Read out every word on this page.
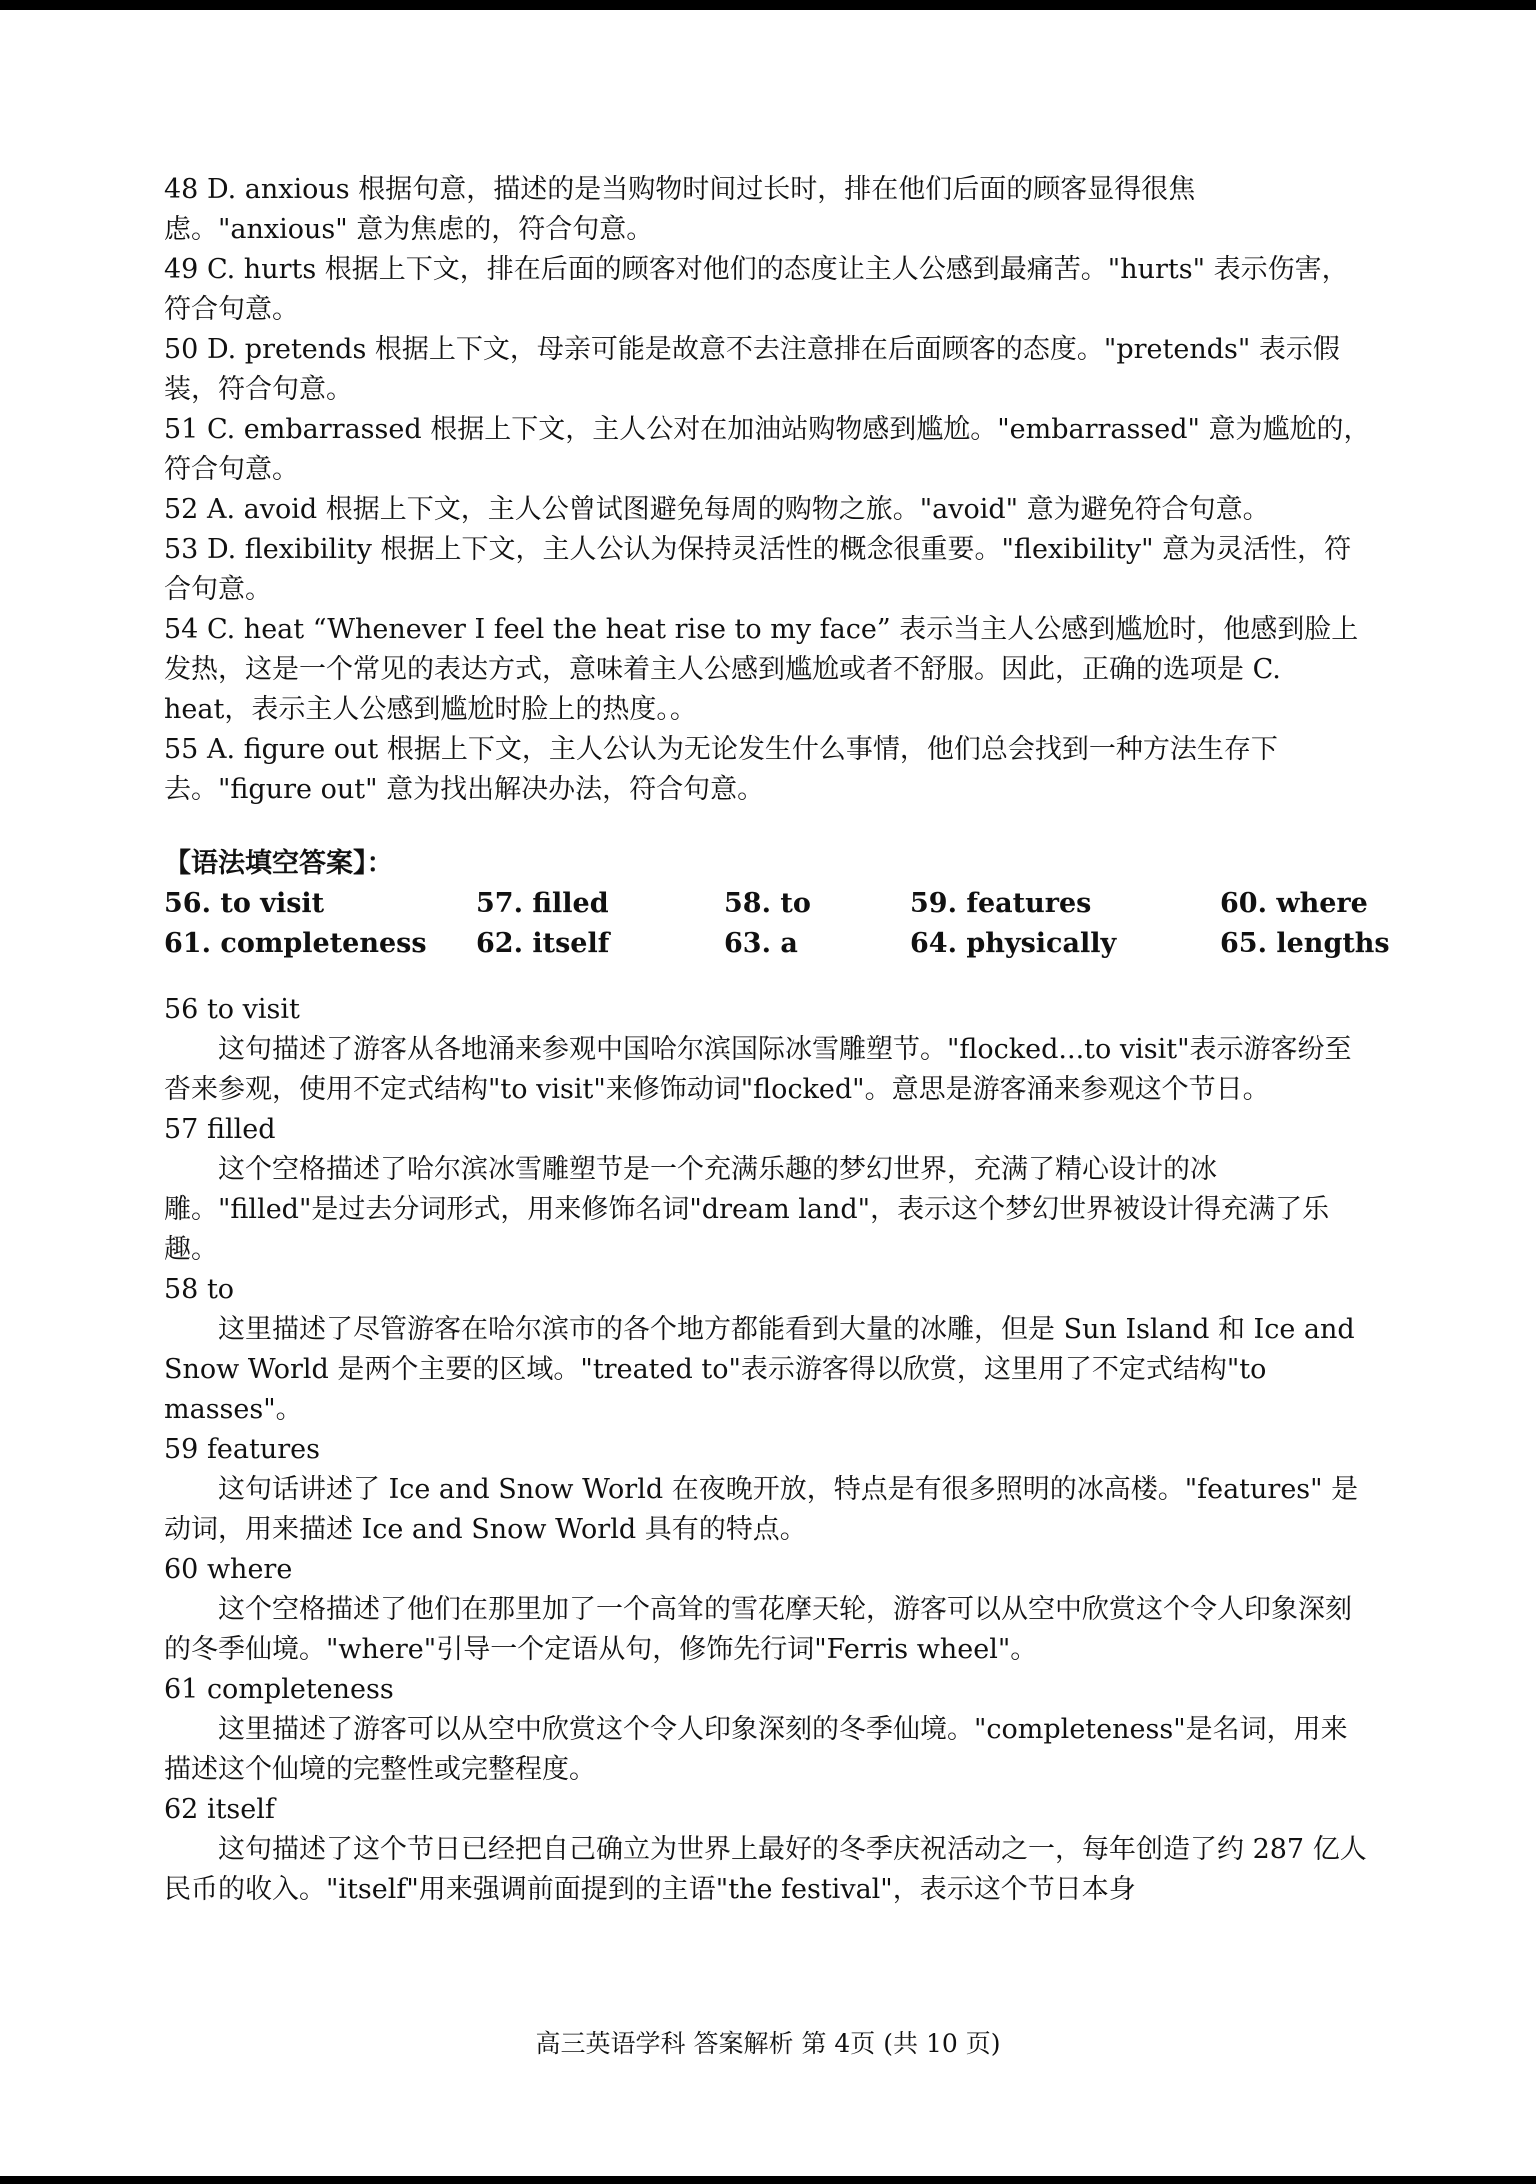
48 D. anxious 根据句意，描述的是当购物时间过长时，排在他们后面的顾客显得很焦虑。"anxious" 意为焦虑的，符合句意。

49 C. hurts 根据上下文，排在后面的顾客对他们的态度让主人公感到最痛苦。"hurts" 表示伤害，符合句意。

50 D. pretends 根据上下文，母亲可能是故意不去注意排在后面顾客的态度。"pretends" 表示假装，符合句意。

51 C. embarrassed 根据上下文，主人公对在加油站购物感到尴尬。"embarrassed" 意为尴尬的，符合句意。

52 A. avoid 根据上下文，主人公曾试图避免每周的购物之旅。"avoid" 意为避免符合句意。

53 D. flexibility 根据上下文，主人公认为保持灵活性的概念很重要。"flexibility" 意为灵活性，符合句意。

54 C. heat “Whenever I feel the heat rise to my face” 表示当主人公感到尴尬时，他感到脸上发热，这是一个常见的表达方式，意味着主人公感到尴尬或者不舒服。因此，正确的选项是 C. heat，表示主人公感到尴尬时脸上的热度。。

55 A. figure out 根据上下文，主人公认为无论发生什么事情，他们总会找到一种方法生存下去。"figure out" 意为找出解决办法，符合句意。

【语法填空答案】：

56. to visit	57. filled	58. to	59. features	60. where
61. completeness	62. itself	63. a	64. physically	65. lengths

56 to visit

这句描述了游客从各地涌来参观中国哈尔滨国际冰雪雕塑节。"flocked...to visit"表示游客纷至沓来参观，使用不定式结构"to visit"来修饰动词"flocked"。意思是游客涌来参观这个节日。

57 filled

这个空格描述了哈尔滨冰雪雕塑节是一个充满乐趣的梦幻世界，充满了精心设计的冰雕。"filled"是过去分词形式，用来修饰名词"dream land"，表示这个梦幻世界被设计得充满了乐趣。

58 to

这里描述了尽管游客在哈尔滨市的各个地方都能看到大量的冰雕，但是 Sun Island 和 Ice and Snow World 是两个主要的区域。"treated to"表示游客得以欣赏，这里用了不定式结构"to masses"。

59 features

这句话讲述了 Ice and Snow World 在夜晚开放，特点是有很多照明的冰高楼。"features" 是动词，用来描述 Ice and Snow World 具有的特点。

60 where

这个空格描述了他们在那里加了一个高耸的雪花摩天轮，游客可以从空中欣赏这个令人印象深刻的冬季仙境。"where"引导一个定语从句，修饰先行词"Ferris wheel"。

61 completeness

这里描述了游客可以从空中欣赏这个令人印象深刻的冬季仙境。"completeness"是名词，用来描述这个仙境的完整性或完整程度。

62 itself

这句描述了这个节日已经把自己确立为世界上最好的冬季庆祝活动之一，每年创造了约 287 亿人民币的收入。"itself"用来强调前面提到的主语"the festival"，表示这个节日本身

高三英语学科 答案解析 第 4页 (共 10 页)
